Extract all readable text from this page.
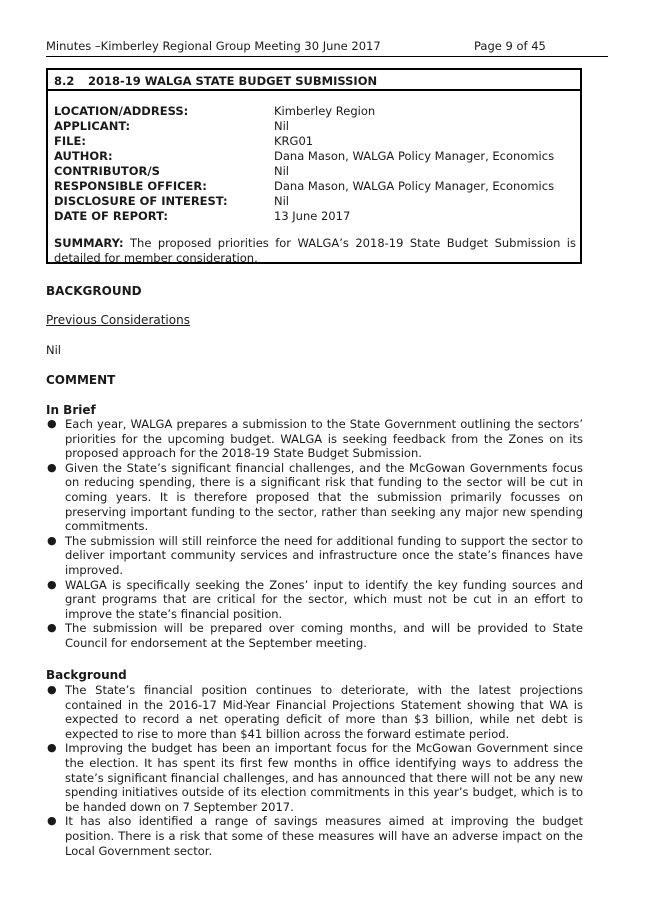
Minutes –Kimberley Regional Group Meeting 30 June 2017	Page 9 of 45
8.2 2018-19 WALGA STATE BUDGET SUBMISSION
LOCATION/ADDRESS:	Kimberley Region
APPLICANT:	Nil
FILE:	KRG01
AUTHOR:	Dana Mason, WALGA Policy Manager, Economics
CONTRIBUTOR/S	Nil
RESPONSIBLE OFFICER:	Dana Mason, WALGA Policy Manager, Economics
DISCLOSURE OF INTEREST:	Nil
DATE OF REPORT:	13 June 2017
SUMMARY: The proposed priorities for WALGA’s 2018-19 State Budget Submission is detailed for member consideration.
BACKGROUND
Previous Considerations
Nil
COMMENT
In Brief
● Each year, WALGA prepares a submission to the State Government outlining the sectors’ priorities for the upcoming budget. WALGA is seeking feedback from the Zones on its proposed approach for the 2018-19 State Budget Submission.
● Given the State’s significant financial challenges, and the McGowan Governments focus on reducing spending, there is a significant risk that funding to the sector will be cut in coming years. It is therefore proposed that the submission primarily focusses on preserving important funding to the sector, rather than seeking any major new spending commitments.
● The submission will still reinforce the need for additional funding to support the sector to deliver important community services and infrastructure once the state’s finances have improved.
● WALGA is specifically seeking the Zones’ input to identify the key funding sources and grant programs that are critical for the sector, which must not be cut in an effort to improve the state’s financial position.
● The submission will be prepared over coming months, and will be provided to State Council for endorsement at the September meeting.
Background
● The State’s financial position continues to deteriorate, with the latest projections contained in the 2016-17 Mid-Year Financial Projections Statement showing that WA is expected to record a net operating deficit of more than $3 billion, while net debt is expected to rise to more than $41 billion across the forward estimate period.
● Improving the budget has been an important focus for the McGowan Government since the election. It has spent its first few months in office identifying ways to address the state’s significant financial challenges, and has announced that there will not be any new spending initiatives outside of its election commitments in this year’s budget, which is to be handed down on 7 September 2017.
● It has also identified a range of savings measures aimed at improving the budget position. There is a risk that some of these measures will have an adverse impact on the Local Government sector.
